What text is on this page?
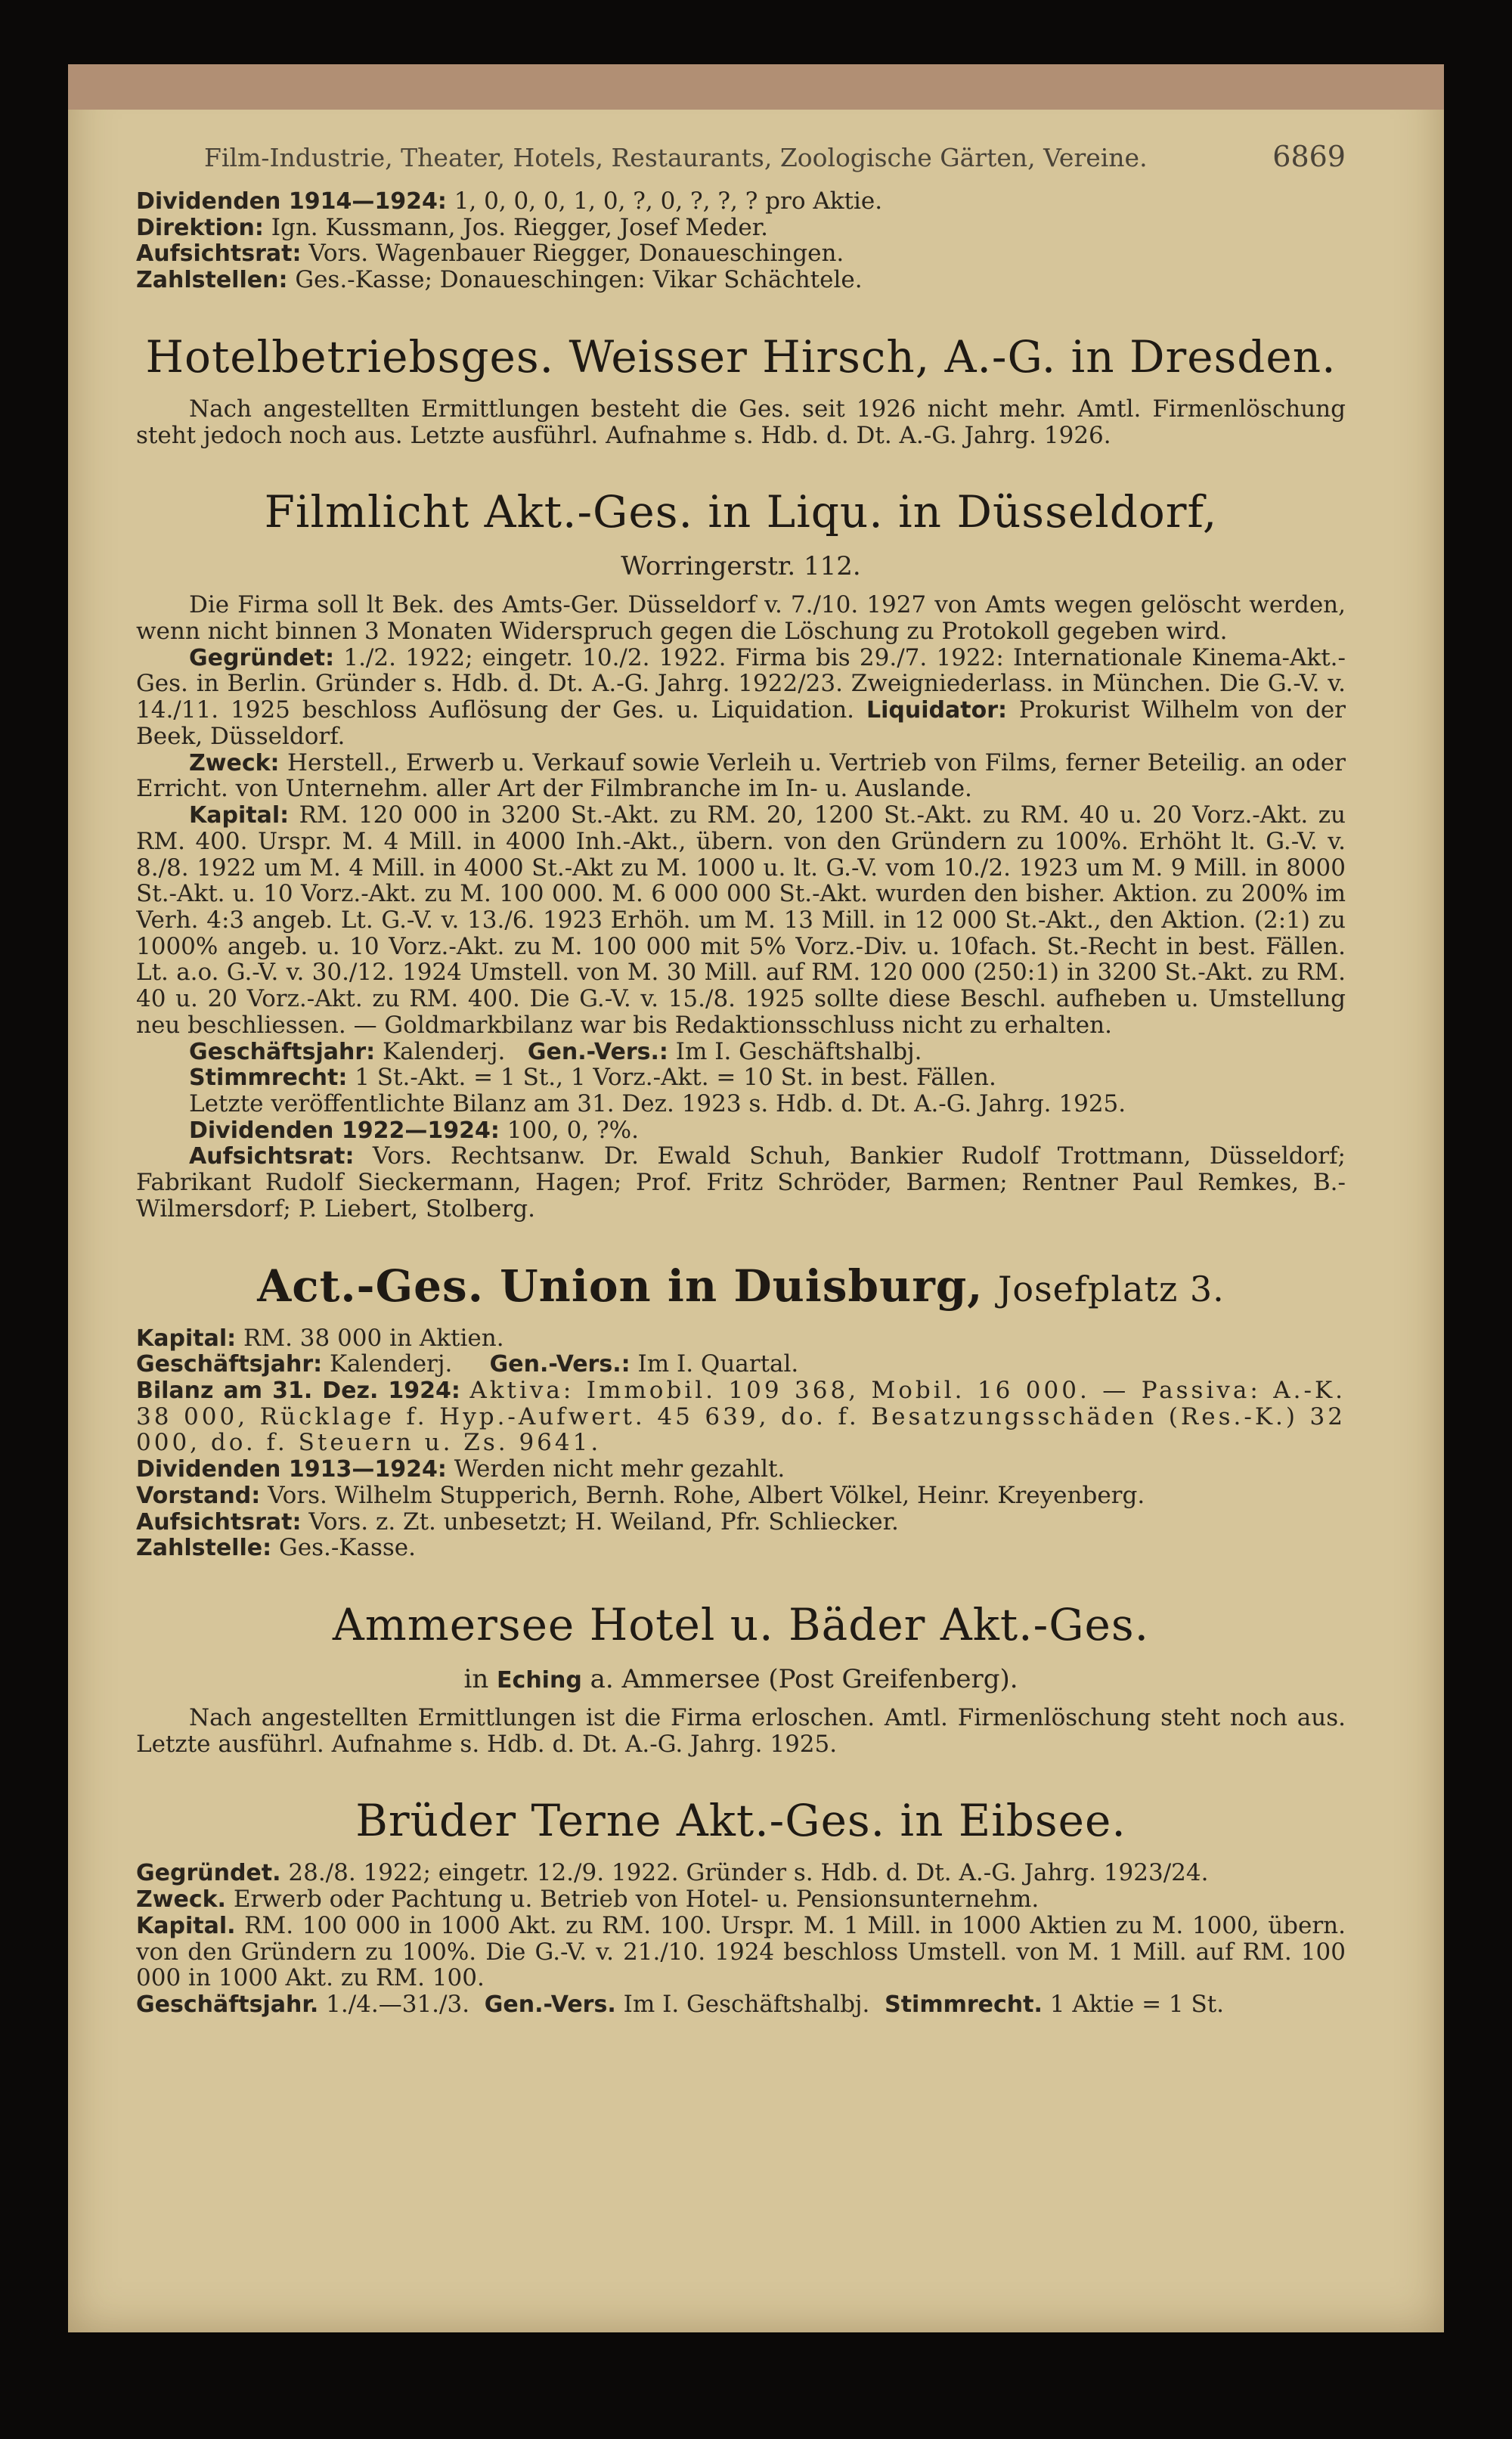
Film-Industrie, Theater, Hotels, Restaurants, Zoologische Gärten, Vereine.	6869

Dividenden 1914—1924: 1, 0, 0, 0, 1, 0, ?, 0, ?, ?, ? pro Aktie.

Direktion: Ign. Kussmann, Jos. Riegger, Josef Meder.

Aufsichtsrat: Vors. Wagenbauer Riegger, Donaueschingen.

Zahlstellen: Ges.-Kasse; Donaueschingen: Vikar Schächtele.

Hotelbetriebsges. Weisser Hirsch, A.-G. in Dresden.

Nach angestellten Ermittlungen besteht die Ges. seit 1926 nicht mehr. Amtl. Firmenlöschung steht jedoch noch aus. Letzte ausführl. Aufnahme s. Hdb. d. Dt. A.-G. Jahrg. 1926.

Filmlicht Akt.-Ges. in Liqu. in Düsseldorf,
Worringerstr. 112.

Die Firma soll lt Bek. des Amts-Ger. Düsseldorf v. 7./10. 1927 von Amts wegen gelöscht werden, wenn nicht binnen 3 Monaten Widerspruch gegen die Löschung zu Protokoll gegeben wird.

Gegründet: 1./2. 1922; eingetr. 10./2. 1922. Firma bis 29./7. 1922: Internationale Kinema-Akt.-Ges. in Berlin. Gründer s. Hdb. d. Dt. A.-G. Jahrg. 1922/23. Zweigniederlass. in München. Die G.-V. v. 14./11. 1925 beschloss Auflösung der Ges. u. Liquidation. Liquidator: Prokurist Wilhelm von der Beek, Düsseldorf.

Zweck: Herstell., Erwerb u. Verkauf sowie Verleih u. Vertrieb von Films, ferner Beteilig. an oder Erricht. von Unternehm. aller Art der Filmbranche im In- u. Auslande.

Kapital: RM. 120 000 in 3200 St.-Akt. zu RM. 20, 1200 St.-Akt. zu RM. 40 u. 20 Vorz.-Akt. zu RM. 400. Urspr. M. 4 Mill. in 4000 Inh.-Akt., übern. von den Gründern zu 100%. Erhöht lt. G.-V. v. 8./8. 1922 um M. 4 Mill. in 4000 St.-Akt zu M. 1000 u. lt. G.-V. vom 10./2. 1923 um M. 9 Mill. in 8000 St.-Akt. u. 10 Vorz.-Akt. zu M. 100 000. M. 6 000 000 St.-Akt. wurden den bisher. Aktion. zu 200% im Verh. 4:3 angeb. Lt. G.-V. v. 13./6. 1923 Erhöh. um M. 13 Mill. in 12 000 St.-Akt., den Aktion. (2:1) zu 1000% angeb. u. 10 Vorz.-Akt. zu M. 100 000 mit 5% Vorz.-Div. u. 10fach. St.-Recht in best. Fällen. Lt. a.o. G.-V. v. 30./12. 1924 Umstell. von M. 30 Mill. auf RM. 120 000 (250:1) in 3200 St.-Akt. zu RM. 40 u. 20 Vorz.-Akt. zu RM. 400. Die G.-V. v. 15./8. 1925 sollte diese Beschl. aufheben u. Umstellung neu beschliessen. — Goldmarkbilanz war bis Redaktionsschluss nicht zu erhalten.

Geschäftsjahr: Kalenderj. Gen.-Vers.: Im I. Geschäftshalbj.

Stimmrecht: 1 St.-Akt. = 1 St., 1 Vorz.-Akt. = 10 St. in best. Fällen.

Letzte veröffentlichte Bilanz am 31. Dez. 1923 s. Hdb. d. Dt. A.-G. Jahrg. 1925.

Dividenden 1922—1924: 100, 0, ?%.

Aufsichtsrat: Vors. Rechtsanw. Dr. Ewald Schuh, Bankier Rudolf Trottmann, Düsseldorf; Fabrikant Rudolf Sieckermann, Hagen; Prof. Fritz Schröder, Barmen; Rentner Paul Remkes, B.-Wilmersdorf; P. Liebert, Stolberg.

Act.-Ges. Union in Duisburg, Josefplatz 3.

Kapital: RM. 38 000 in Aktien.

Geschäftsjahr: Kalenderj. Gen.-Vers.: Im I. Quartal.

Bilanz am 31. Dez. 1924: Aktiva: Immobil. 109 368, Mobil. 16 000. — Passiva: A.-K. 38 000, Rücklage f. Hyp.-Aufwert. 45 639, do. f. Besatzungsschäden (Res.-K.) 32 000, do. f. Steuern u. Zs. 9641.

Dividenden 1913—1924: Werden nicht mehr gezahlt.

Vorstand: Vors. Wilhelm Stupperich, Bernh. Rohe, Albert Völkel, Heinr. Kreyenberg.

Aufsichtsrat: Vors. z. Zt. unbesetzt; H. Weiland, Pfr. Schliecker.

Zahlstelle: Ges.-Kasse.

Ammersee Hotel u. Bäder Akt.-Ges.
in Eching a. Ammersee (Post Greifenberg).

Nach angestellten Ermittlungen ist die Firma erloschen. Amtl. Firmenlöschung steht noch aus. Letzte ausführl. Aufnahme s. Hdb. d. Dt. A.-G. Jahrg. 1925.

Brüder Terne Akt.-Ges. in Eibsee.

Gegründet. 28./8. 1922; eingetr. 12./9. 1922. Gründer s. Hdb. d. Dt. A.-G. Jahrg. 1923/24.

Zweck. Erwerb oder Pachtung u. Betrieb von Hotel- u. Pensionsunternehm.

Kapital. RM. 100 000 in 1000 Akt. zu RM. 100. Urspr. M. 1 Mill. in 1000 Aktien zu M. 1000, übern. von den Gründern zu 100%. Die G.-V. v. 21./10. 1924 beschloss Umstell. von M. 1 Mill. auf RM. 100 000 in 1000 Akt. zu RM. 100.

Geschäftsjahr. 1./4.—31./3. Gen.-Vers. Im I. Geschäftshalbj. Stimmrecht. 1 Aktie = 1 St.
